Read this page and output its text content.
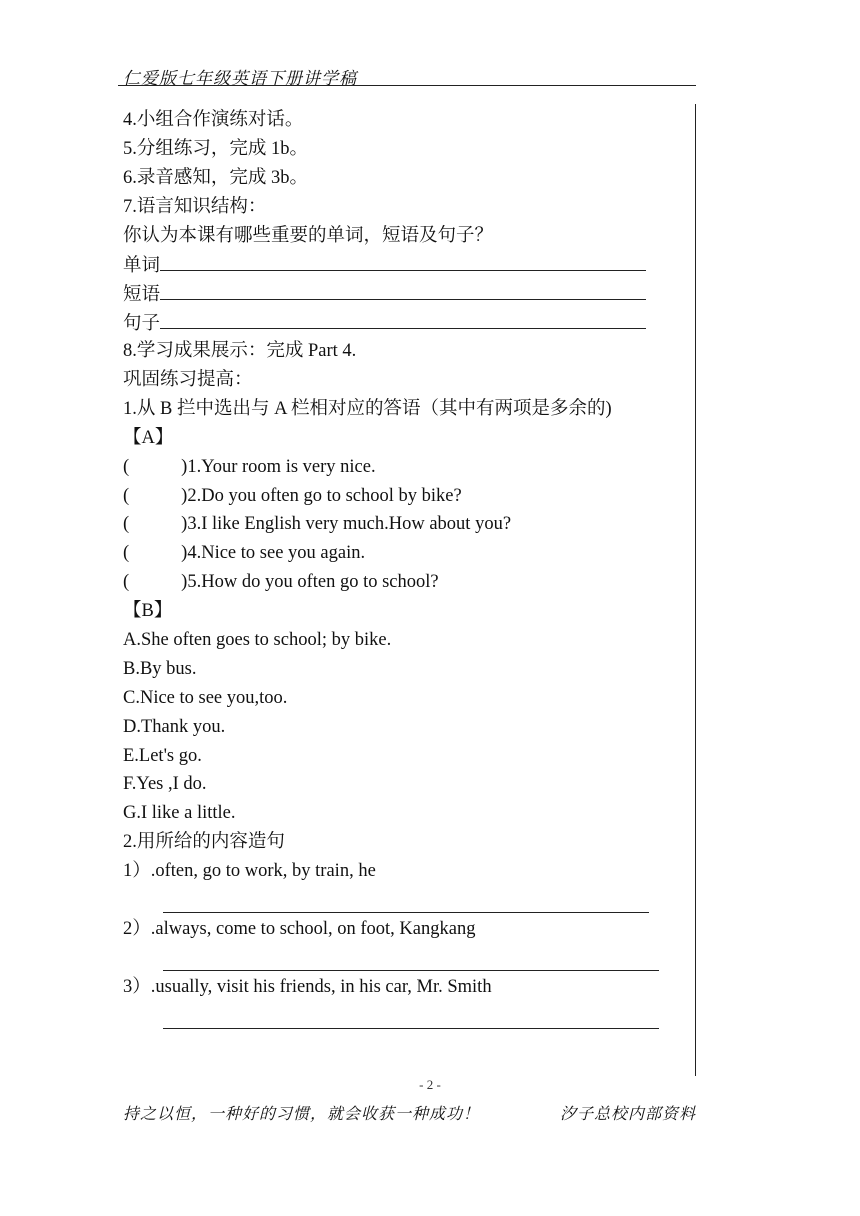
仁爱版七年级英语下册讲学稿
4.小组合作演练对话。
5.分组练习，完成 1b。
6.录音感知，完成 3b。
7.语言知识结构：
你认为本课有哪些重要的单词，短语及句子？
单词
短语
句子
8.学习成果展示：完成 Part 4.
巩固练习提高：
1.从 B 拦中选出与 A 栏相对应的答语（其中有两项是多余的)
【A】
(	)1.Your room is very nice.
(	)2.Do you often go to school by bike?
(	)3.I like English very much.How about you?
(	)4.Nice to see you again.
(	)5.How do you often go to school?
【B】
A.She often goes to school; by bike.
B.By bus.
C.Nice to see you,too.
D.Thank you.
E.Let's go.
F.Yes ,I do.
G.I like a little.
2.用所给的内容造句
1）.often, go to work, by train, he
2）.always, come to school, on foot, Kangkang
3）.usually, visit his friends, in his car, Mr. Smith
- 2 -
持之以恒，一种好的习惯，就会收获一种成功！	汐子总校内部资料
